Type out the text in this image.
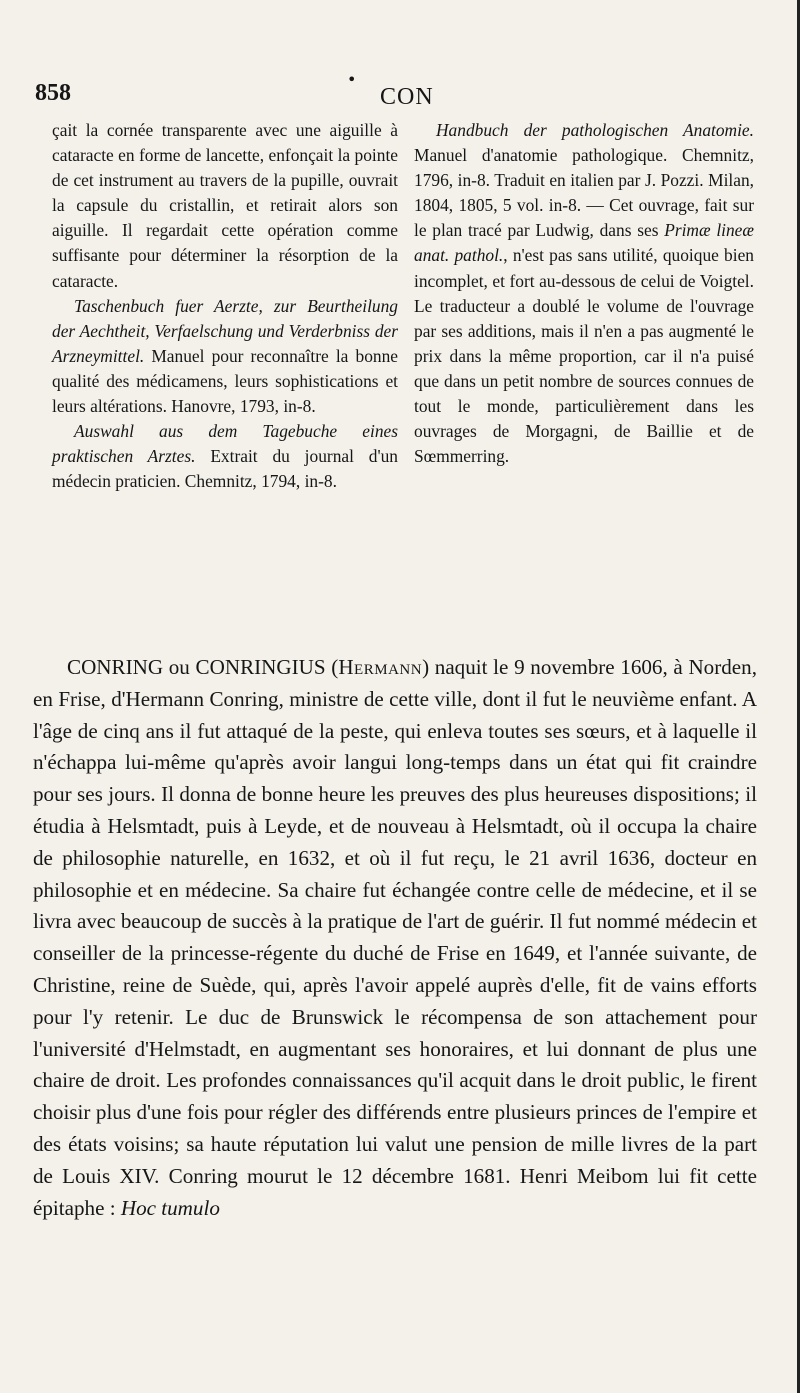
858
•
CON

çait la cornée transparente avec une aiguille à cataracte en forme de lancette, enfonçait la pointe de cet instrument au travers de la pupille, ouvrait la capsule du cristallin, et retirait alors son aiguille. Il regardait cette opération comme suffisante pour déterminer la résorption de la cataracte.

Taschenbuch fuer Aerzte, zur Beurtheilung der Aechtheit, Verfaelschung und Verderbniss der Arzneymittel. Manuel pour reconnaître la bonne qualité des médicamens, leurs sophistications et leurs altérations. Hanovre, 1793, in-8.

Auswahl aus dem Tagebuche eines praktischen Arztes. Extrait du journal d'un médecin praticien. Chemnitz, 1794, in-8.

Handbuch der pathologischen Anatomie. Manuel d'anatomie pathologique. Chemnitz, 1796, in-8. Traduit en italien par J. Pozzi. Milan, 1804, 1805, 5 vol. in-8. — Cet ouvrage, fait sur le plan tracé par Ludwig, dans ses Primæ lineæ anat. pathol., n'est pas sans utilité, quoique bien incomplet, et fort au-dessous de celui de Voigtel. Le traducteur a doublé le volume de l'ouvrage par ses additions, mais il n'en a pas augmenté le prix dans la même proportion, car il n'a puisé que dans un petit nombre de sources connues de tout le monde, particulièrement dans les ouvrages de Morgagni, de Baillie et de Sœmmerring.

CONRING ou CONRINGIUS (Hermann) naquit le 9 novembre 1606, à Norden, en Frise, d'Hermann Conring, ministre de cette ville, dont il fut le neuvième enfant. A l'âge de cinq ans il fut attaqué de la peste, qui enleva toutes ses sœurs, et à laquelle il n'échappa lui-même qu'après avoir langui long-temps dans un état qui fit craindre pour ses jours. Il donna de bonne heure les preuves des plus heureuses dispositions; il étudia à Helsmtadt, puis à Leyde, et de nouveau à Helsmtadt, où il occupa la chaire de philosophie naturelle, en 1632, et où il fut reçu, le 21 avril 1636, docteur en philosophie et en médecine. Sa chaire fut échangée contre celle de médecine, et il se livra avec beaucoup de succès à la pratique de l'art de guérir. Il fut nommé médecin et conseiller de la princesse-régente du duché de Frise en 1649, et l'année suivante, de Christine, reine de Suède, qui, après l'avoir appelé auprès d'elle, fit de vains efforts pour l'y retenir. Le duc de Brunswick le récompensa de son attachement pour l'université d'Helmstadt, en augmentant ses honoraires, et lui donnant de plus une chaire de droit. Les profondes connaissances qu'il acquit dans le droit public, le firent choisir plus d'une fois pour régler des différends entre plusieurs princes de l'empire et des états voisins; sa haute réputation lui valut une pension de mille livres de la part de Louis XIV. Conring mourut le 12 décembre 1681. Henri Meibom lui fit cette épitaphe : Hoc tumulo
